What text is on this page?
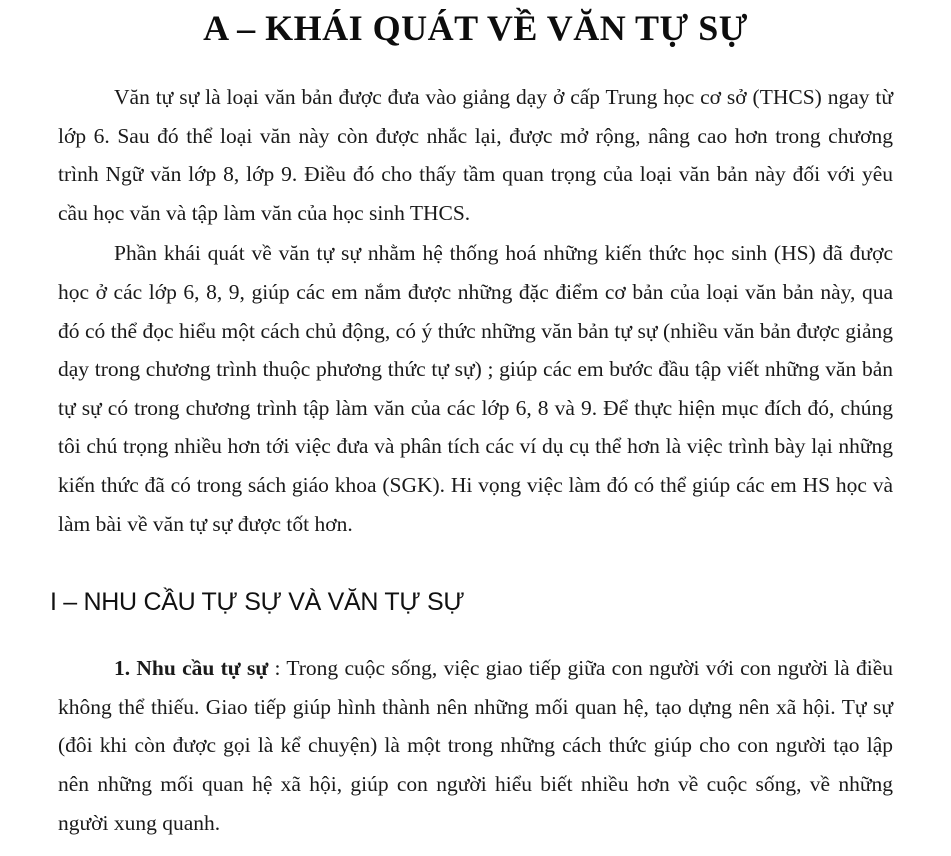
A – KHÁI QUÁT VỀ VĂN TỰ SỰ

Văn tự sự là loại văn bản được đưa vào giảng dạy ở cấp Trung học cơ sở (THCS) ngay từ lớp 6. Sau đó thể loại văn này còn được nhắc lại, được mở rộng, nâng cao hơn trong chương trình Ngữ văn lớp 8, lớp 9. Điều đó cho thấy tầm quan trọng của loại văn bản này đối với yêu cầu học văn và tập làm văn của học sinh THCS.

Phần khái quát về văn tự sự nhằm hệ thống hoá những kiến thức học sinh (HS) đã được học ở các lớp 6, 8, 9, giúp các em nắm được những đặc điểm cơ bản của loại văn bản này, qua đó có thể đọc hiểu một cách chủ động, có ý thức những văn bản tự sự (nhiều văn bản được giảng dạy trong chương trình thuộc phương thức tự sự) ; giúp các em bước đầu tập viết những văn bản tự sự có trong chương trình tập làm văn của các lớp 6, 8 và 9. Để thực hiện mục đích đó, chúng tôi chú trọng nhiều hơn tới việc đưa và phân tích các ví dụ cụ thể hơn là việc trình bày lại những kiến thức đã có trong sách giáo khoa (SGK). Hi vọng việc làm đó có thể giúp các em HS học và làm bài về văn tự sự được tốt hơn.

I – NHU CẦU TỰ SỰ VÀ VĂN TỰ SỰ

1. Nhu cầu tự sự : Trong cuộc sống, việc giao tiếp giữa con người với con người là điều không thể thiếu. Giao tiếp giúp hình thành nên những mối quan hệ, tạo dựng nên xã hội. Tự sự (đôi khi còn được gọi là kể chuyện) là một trong những cách thức giúp cho con người tạo lập nên những mối quan hệ xã hội, giúp con người hiểu biết nhiều hơn về cuộc sống, về những người xung quanh.
